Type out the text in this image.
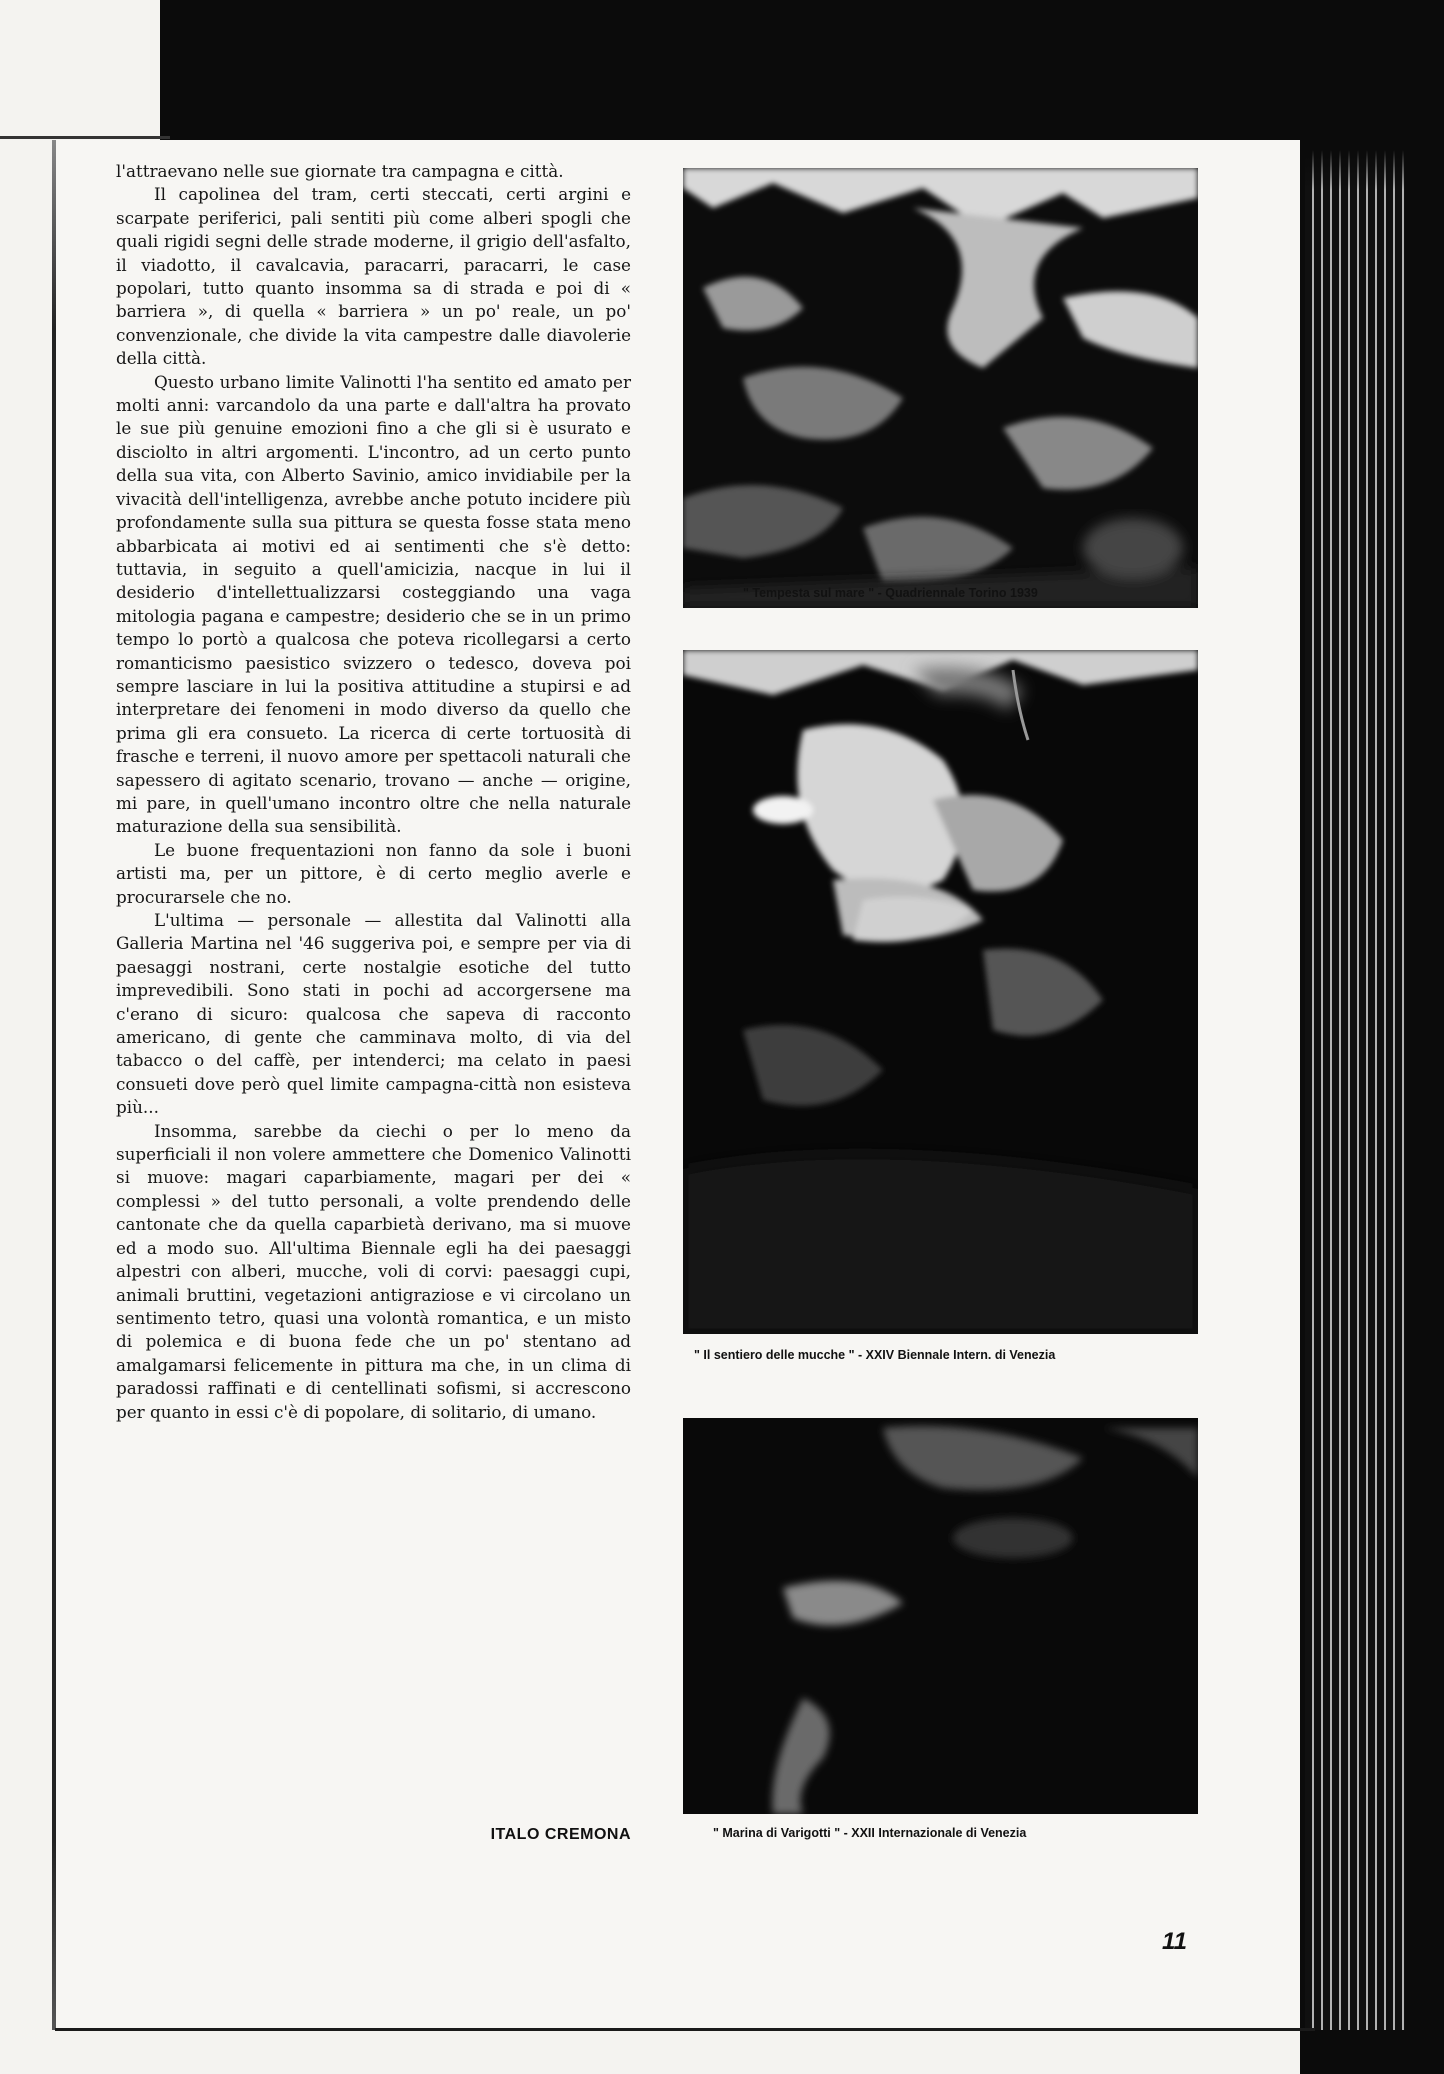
l'attraevano nelle sue giornate tra campagna e città.

Il capolinea del tram, certi steccati, certi argini e scarpate periferici, pali sentiti più come alberi spogli che quali rigidi segni delle strade moderne, il grigio dell'asfalto, il viadotto, il cavalcavia, paracarri, paracarri, le case popolari, tutto quanto insomma sa di strada e poi di « barriera », di quella « barriera » un po' reale, un po' convenzionale, che divide la vita campestre dalle diavolerie della città.

Questo urbano limite Valinotti l'ha sentito ed amato per molti anni: varcandolo da una parte e dall'altra ha provato le sue più genuine emozioni fino a che gli si è usurato e disciolto in altri argomenti. L'incontro, ad un certo punto della sua vita, con Alberto Savinio, amico invidiabile per la vivacità dell'intelligenza, avrebbe anche potuto incidere più profondamente sulla sua pittura se questa fosse stata meno abbarbicata ai motivi ed ai sentimenti che s'è detto: tuttavia, in seguito a quell'amicizia, nacque in lui il desiderio d'intellettualizzarsi costeggiando una vaga mitologia pagana e campestre; desiderio che se in un primo tempo lo portò a qualcosa che poteva ricollegarsi a certo romanticismo paesistico svizzero o tedesco, doveva poi sempre lasciare in lui la positiva attitudine a stupirsi e ad interpretare dei fenomeni in modo diverso da quello che prima gli era consueto. La ricerca di certe tortuosità di frasche e terreni, il nuovo amore per spettacoli naturali che sapessero di agitato scenario, trovano — anche — origine, mi pare, in quell'umano incontro oltre che nella naturale maturazione della sua sensibilità.

Le buone frequentazioni non fanno da sole i buoni artisti ma, per un pittore, è di certo meglio averle e procurarsele che no.

L'ultima — personale — allestita dal Valinotti alla Galleria Martina nel '46 suggeriva poi, e sempre per via di paesaggi nostrani, certe nostalgie esotiche del tutto imprevedibili. Sono stati in pochi ad accorgersene ma c'erano di sicuro: qualcosa che sapeva di racconto americano, di gente che camminava molto, di via del tabacco o del caffè, per intenderci; ma celato in paesi consueti dove però quel limite campagna-città non esisteva più...

Insomma, sarebbe da ciechi o per lo meno da superficiali il non volere ammettere che Domenico Valinotti si muove: magari caparbiamente, magari per dei « complessi » del tutto personali, a volte prendendo delle cantonate che da quella caparbietà derivano, ma si muove ed a modo suo. All'ultima Biennale egli ha dei paesaggi alpestri con alberi, mucche, voli di corvi: paesaggi cupi, animali bruttini, vegetazioni antigraziose e vi circolano un sentimento tetro, quasi una volontà romantica, e un misto di polemica e di buona fede che un po' stentano ad amalgamarsi felicemente in pittura ma che, in un clima di paradossi raffinati e di centellinati sofismi, si accrescono per quanto in essi c'è di popolare, di solitario, di umano.

ITALO CREMONA
" Tempesta sul mare " - Quadriennale Torino 1939
" Il sentiero delle mucche " - XXIV Biennale Intern. di Venezia
" Marina di Varigotti " - XXII Internazionale di Venezia
11
